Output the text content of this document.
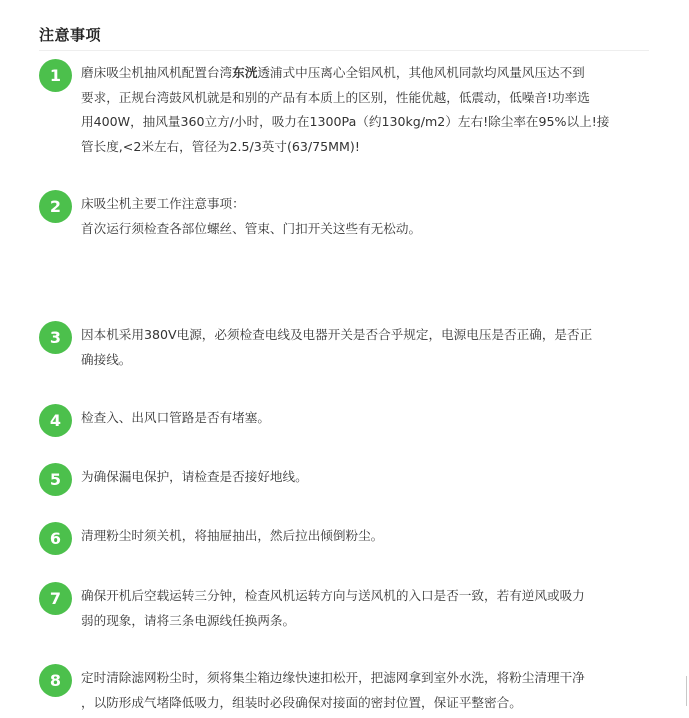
注意事项
1	磨床吸尘机抽风机配置台湾东洸透浦式中压离心全铝风机，其他风机同款均风量风压达不到
要求，正规台湾鼓风机就是和别的产品有本质上的区别，性能优越，低震动，低噪音!功率选
用400W，抽风量360立方/小时，吸力在1300Pa（约130kg/m2）左右!除尘率在95%以上!接
管长度,<2米左右，管径为2.5/3英寸(63/75MM)!
2	床吸尘机主要工作注意事项：
首次运行须检查各部位螺丝、管束、门扣开关这些有无松动。
3	因本机采用380V电源，必须检查电线及电器开关是否合乎规定，电源电压是否正确，是否正
确接线。
4	检查入、出风口管路是否有堵塞。
5	为确保漏电保护，请检查是否接好地线。
6	清理粉尘时须关机，将抽屉抽出，然后拉出倾倒粉尘。
7	确保开机后空载运转三分钟，检查风机运转方向与送风机的入口是否一致，若有逆风或吸力
弱的现象，请将三条电源线任换两条。
8	定时清除滤网粉尘时，须将集尘箱边缘快速扣松开，把滤网拿到室外水洗，将粉尘清理干净
，以防形成气堵降低吸力，组装时必段确保对接面的密封位置，保证平整密合。
